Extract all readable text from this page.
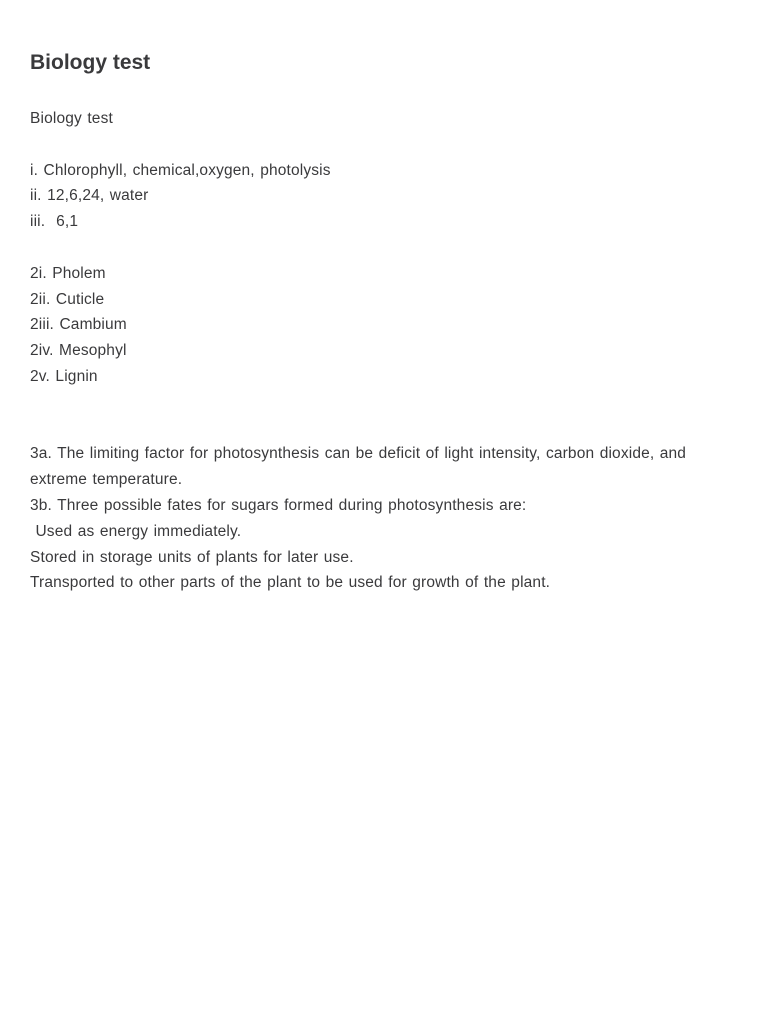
Biology test
Biology test
i. Chlorophyll, chemical,oxygen, photolysis
ii. 12,6,24, water
iii.  6,1
2i. Pholem
2ii. Cuticle
2iii. Cambium
2iv. Mesophyl
2v. Lignin
3a. The limiting factor for photosynthesis can be deficit of light intensity, carbon dioxide, and extreme temperature.
3b. Three possible fates for sugars formed during photosynthesis are:
Used as energy immediately.
Stored in storage units of plants for later use.
Transported to other parts of the plant to be used for growth of the plant.
